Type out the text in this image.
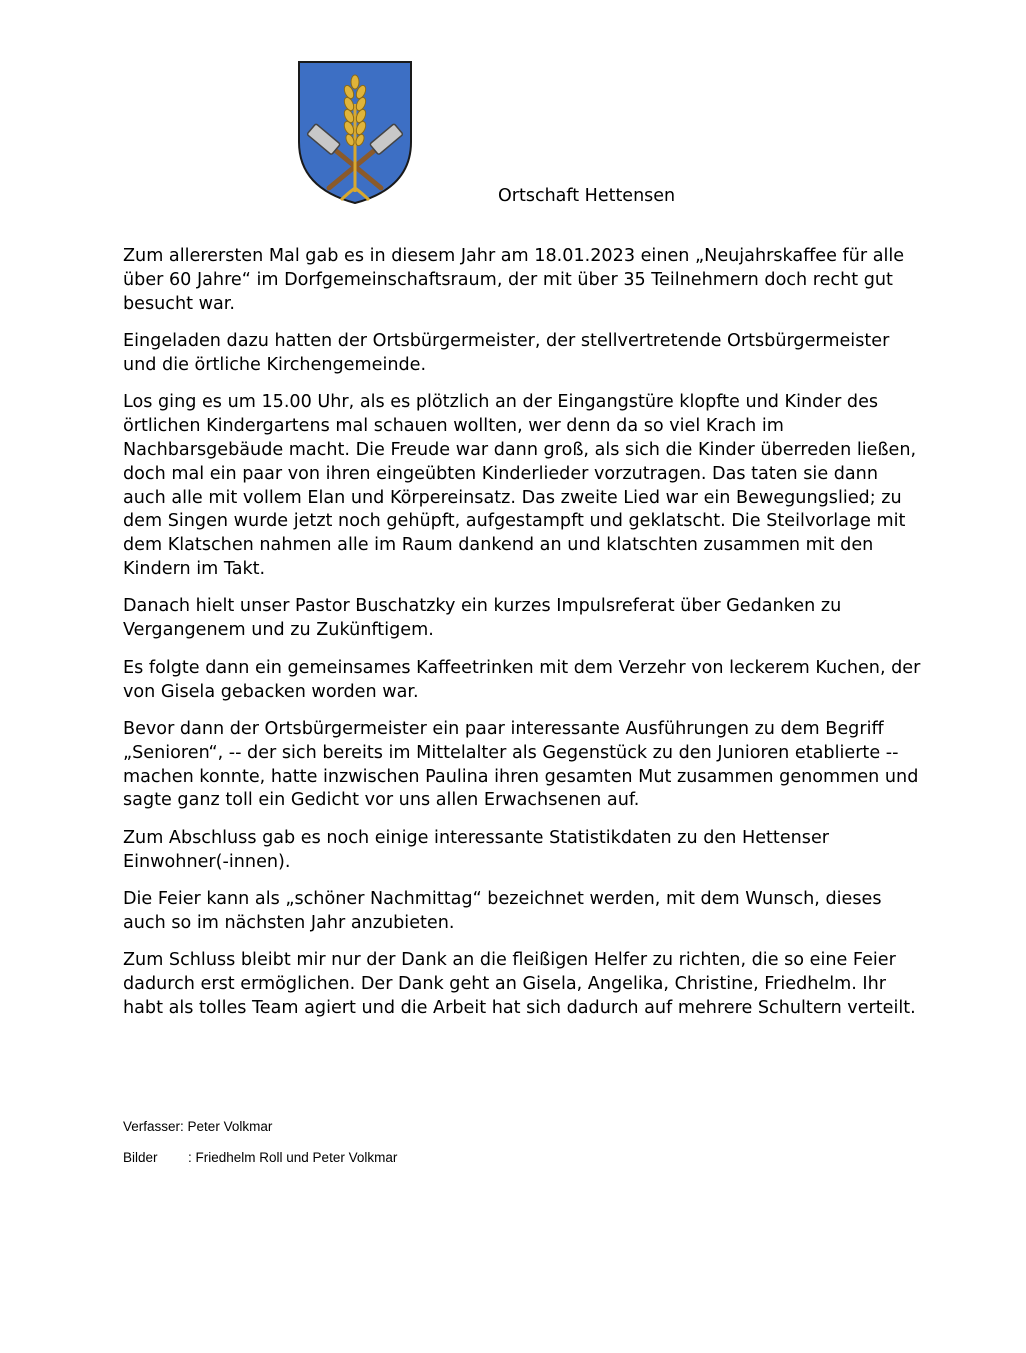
Ortschaft Hettensen

Zum allerersten Mal gab es in diesem Jahr am 18.01.2023 einen „Neujahrskaffee für alle über 60 Jahre“ im Dorfgemeinschaftsraum, der mit über 35 Teilnehmern doch recht gut besucht war.

Eingeladen dazu hatten der Ortsbürgermeister, der stellvertretende Ortsbürgermeister und die örtliche Kirchengemeinde.

Los ging es um 15.00 Uhr, als es plötzlich an der Eingangstüre klopfte und Kinder des örtlichen Kindergartens mal schauen wollten, wer denn da so viel Krach im Nachbarsgebäude macht. Die Freude war dann groß, als sich die Kinder überreden ließen, doch mal ein paar von ihren eingeübten Kinderlieder vorzutragen. Das taten sie dann auch alle mit vollem Elan und Körpereinsatz. Das zweite Lied war ein Bewegungslied; zu dem Singen wurde jetzt noch gehüpft, aufgestampft und geklatscht. Die Steilvorlage mit dem Klatschen nahmen alle im Raum dankend an und klatschten zusammen mit den Kindern im Takt.

Danach hielt unser Pastor Buschatzky ein kurzes Impulsreferat über Gedanken zu Vergangenem und zu Zukünftigem.

Es folgte dann ein gemeinsames Kaffeetrinken mit dem Verzehr von leckerem Kuchen, der von Gisela gebacken worden war.

Bevor dann der Ortsbürgermeister ein paar interessante Ausführungen zu dem Begriff „Senioren“, -- der sich bereits im Mittelalter als Gegenstück zu den Junioren etablierte -- machen konnte, hatte inzwischen Paulina ihren gesamten Mut zusammen genommen und sagte ganz toll ein Gedicht vor uns allen Erwachsenen auf.

Zum Abschluss gab es noch einige interessante Statistikdaten zu den Hettenser Einwohner(-innen).

Die Feier kann als „schöner Nachmittag“ bezeichnet werden, mit dem Wunsch, dieses auch so im nächsten Jahr anzubieten.

Zum Schluss bleibt mir nur der Dank an die fleißigen Helfer zu richten, die so eine Feier dadurch erst ermöglichen. Der Dank geht an Gisela, Angelika, Christine, Friedhelm. Ihr habt als tolles Team agiert und die Arbeit hat sich dadurch auf mehrere Schultern verteilt.

Verfasser: Peter Volkmar
Bilder : Friedhelm Roll und Peter Volkmar
